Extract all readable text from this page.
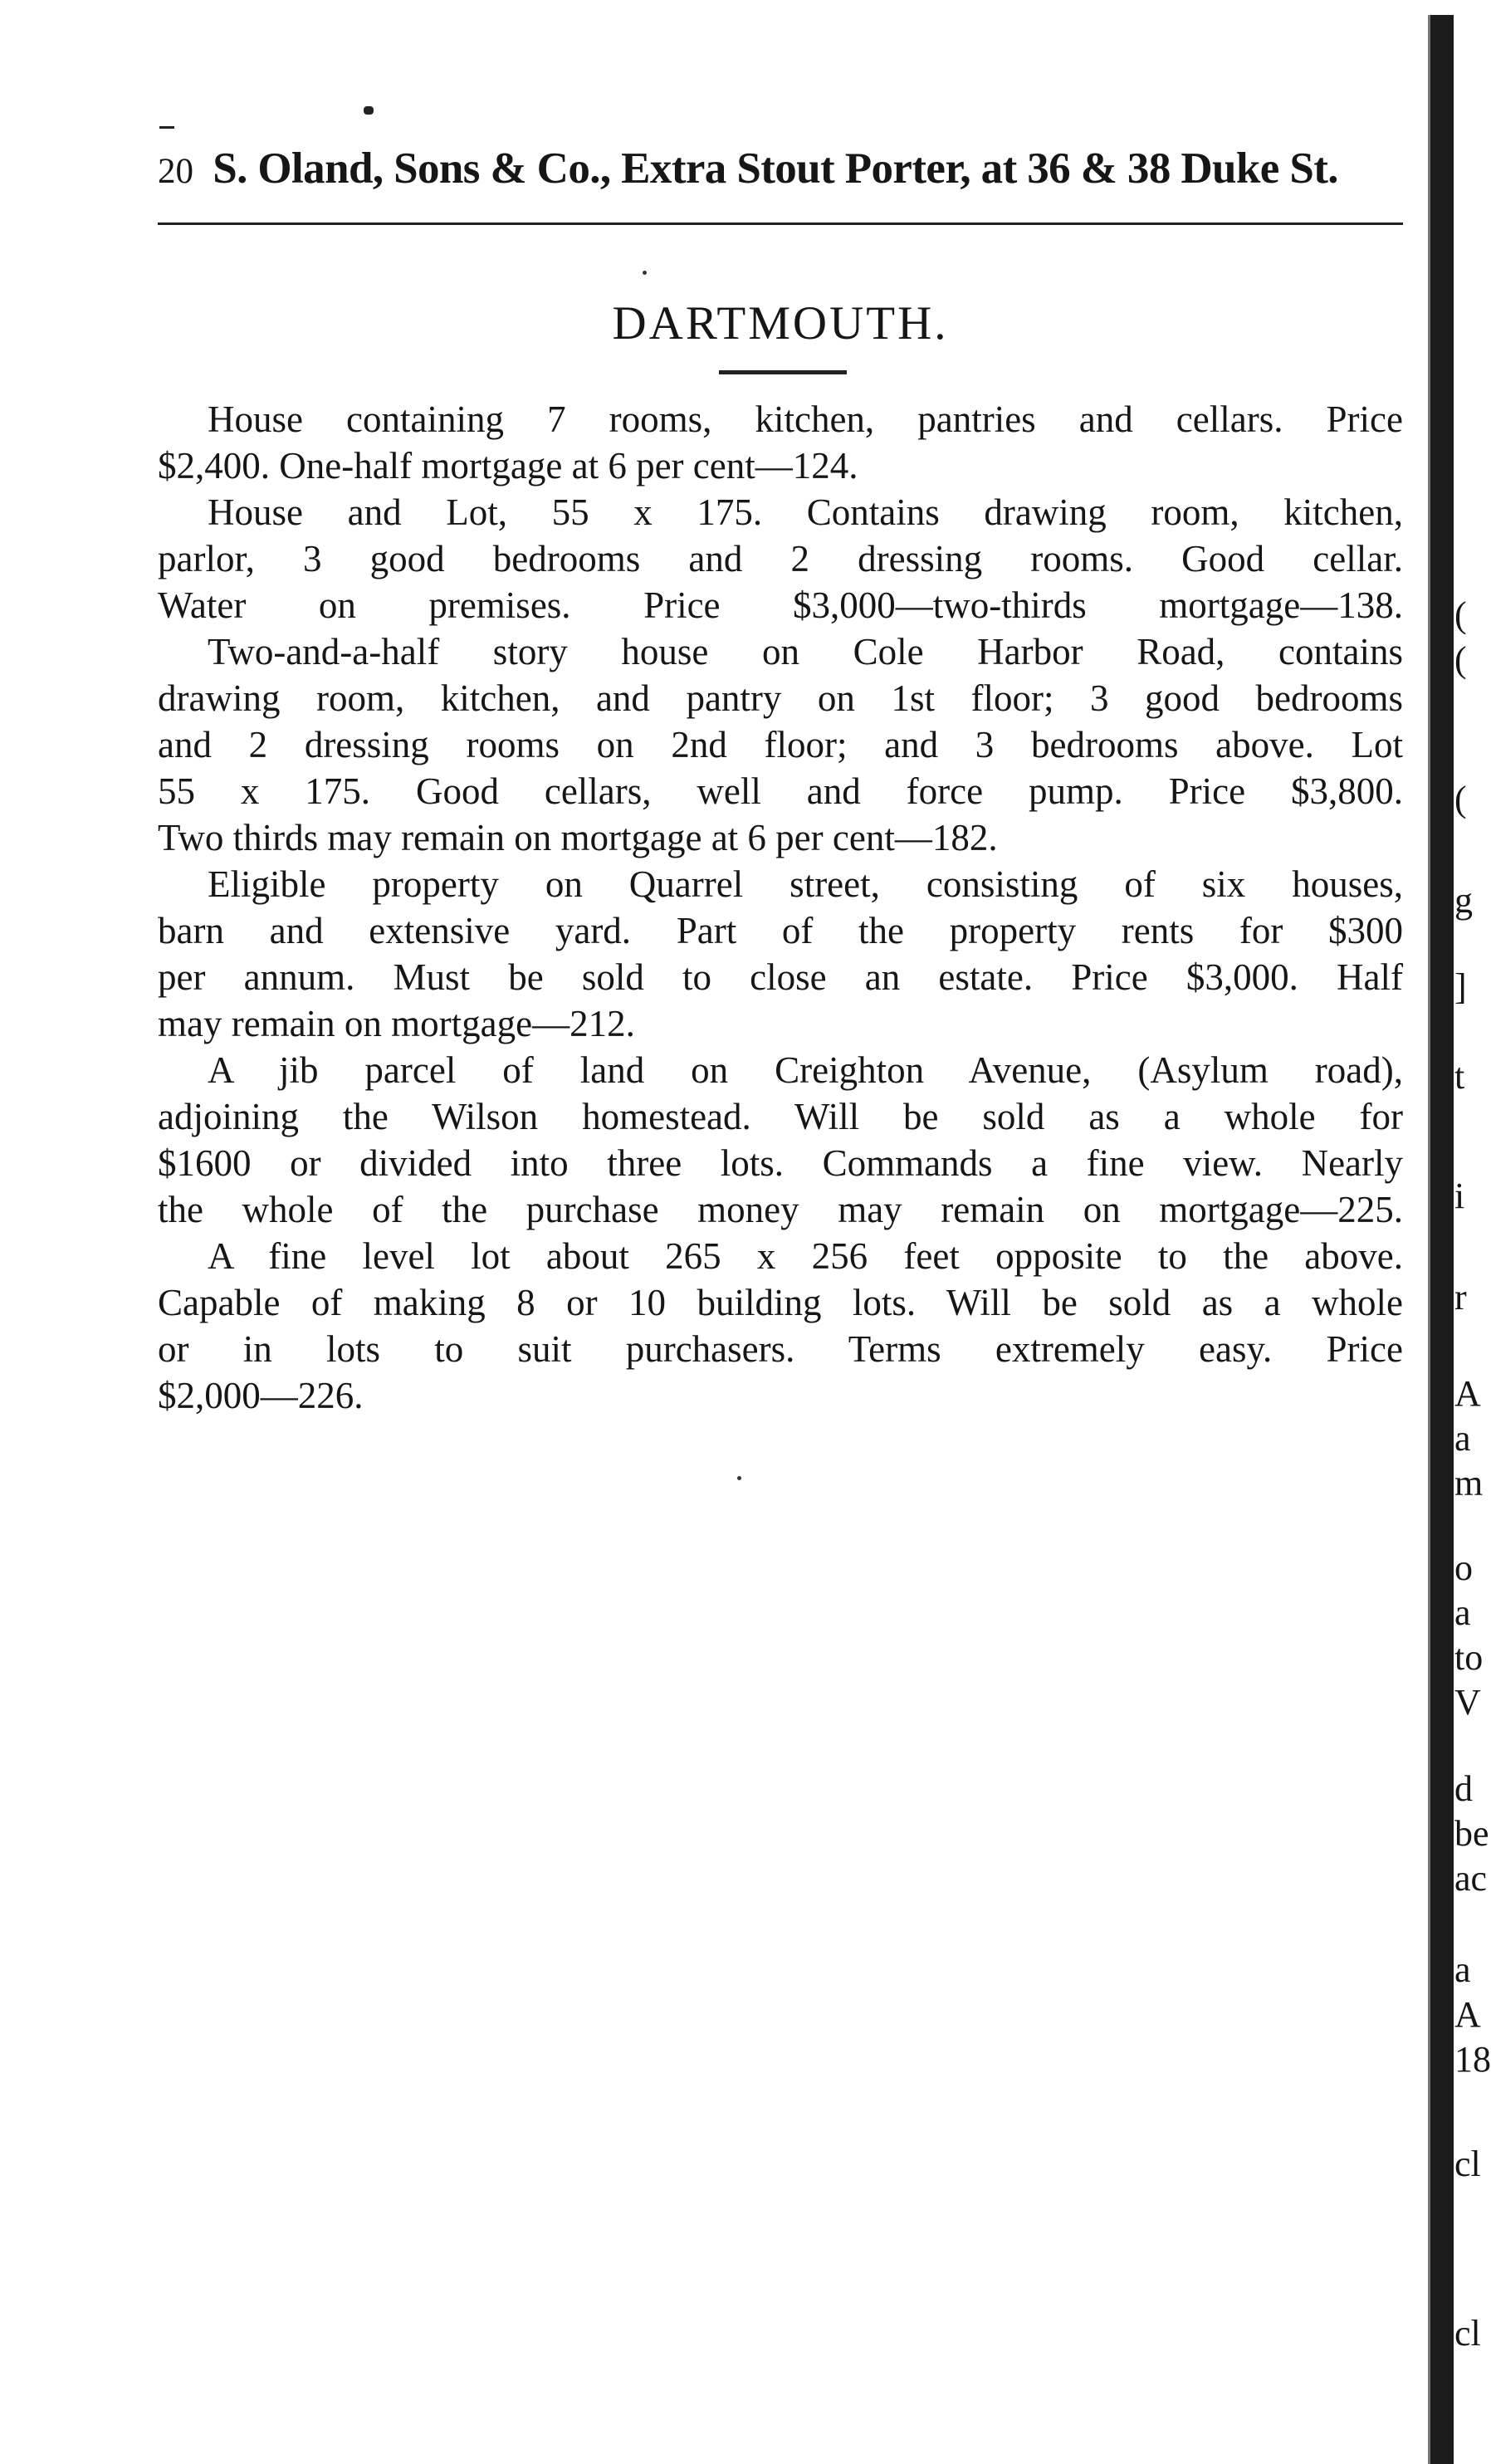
20 S. Oland, Sons & Co., Extra Stout Porter, at 36 & 38 Duke St.
DARTMOUTH.
House containing 7 rooms, kitchen, pantries and cellars. Price
$2,400. One-half mortgage at 6 per cent—124.
House and Lot, 55 x 175. Contains drawing room, kitchen,
parlor, 3 good bedrooms and 2 dressing rooms. Good cellar.
Water on premises. Price $3,000—two-thirds mortgage—138.
Two-and-a-half story house on Cole Harbor Road, contains
drawing room, kitchen, and pantry on 1st floor; 3 good bedrooms
and 2 dressing rooms on 2nd floor; and 3 bedrooms above. Lot
55 x 175. Good cellars, well and force pump. Price $3,800.
Two thirds may remain on mortgage at 6 per cent—182.
Eligible property on Quarrel street, consisting of six houses,
barn and extensive yard. Part of the property rents for $300
per annum. Must be sold to close an estate. Price $3,000. Half
may remain on mortgage—212.
A jib parcel of land on Creighton Avenue, (Asylum road),
adjoining the Wilson homestead. Will be sold as a whole for
$1600 or divided into three lots. Commands a fine view. Nearly
the whole of the purchase money may remain on mortgage—225.
A fine level lot about 265 x 256 feet opposite to the above.
Capable of making 8 or 10 building lots. Will be sold as a whole
or in lots to suit purchasers. Terms extremely easy. Price
$2,000—226.
(
(
(
g
]
t
i
r
A
a
m
o
a
to
V
d
be
ac
a
A
18
cl
cl
